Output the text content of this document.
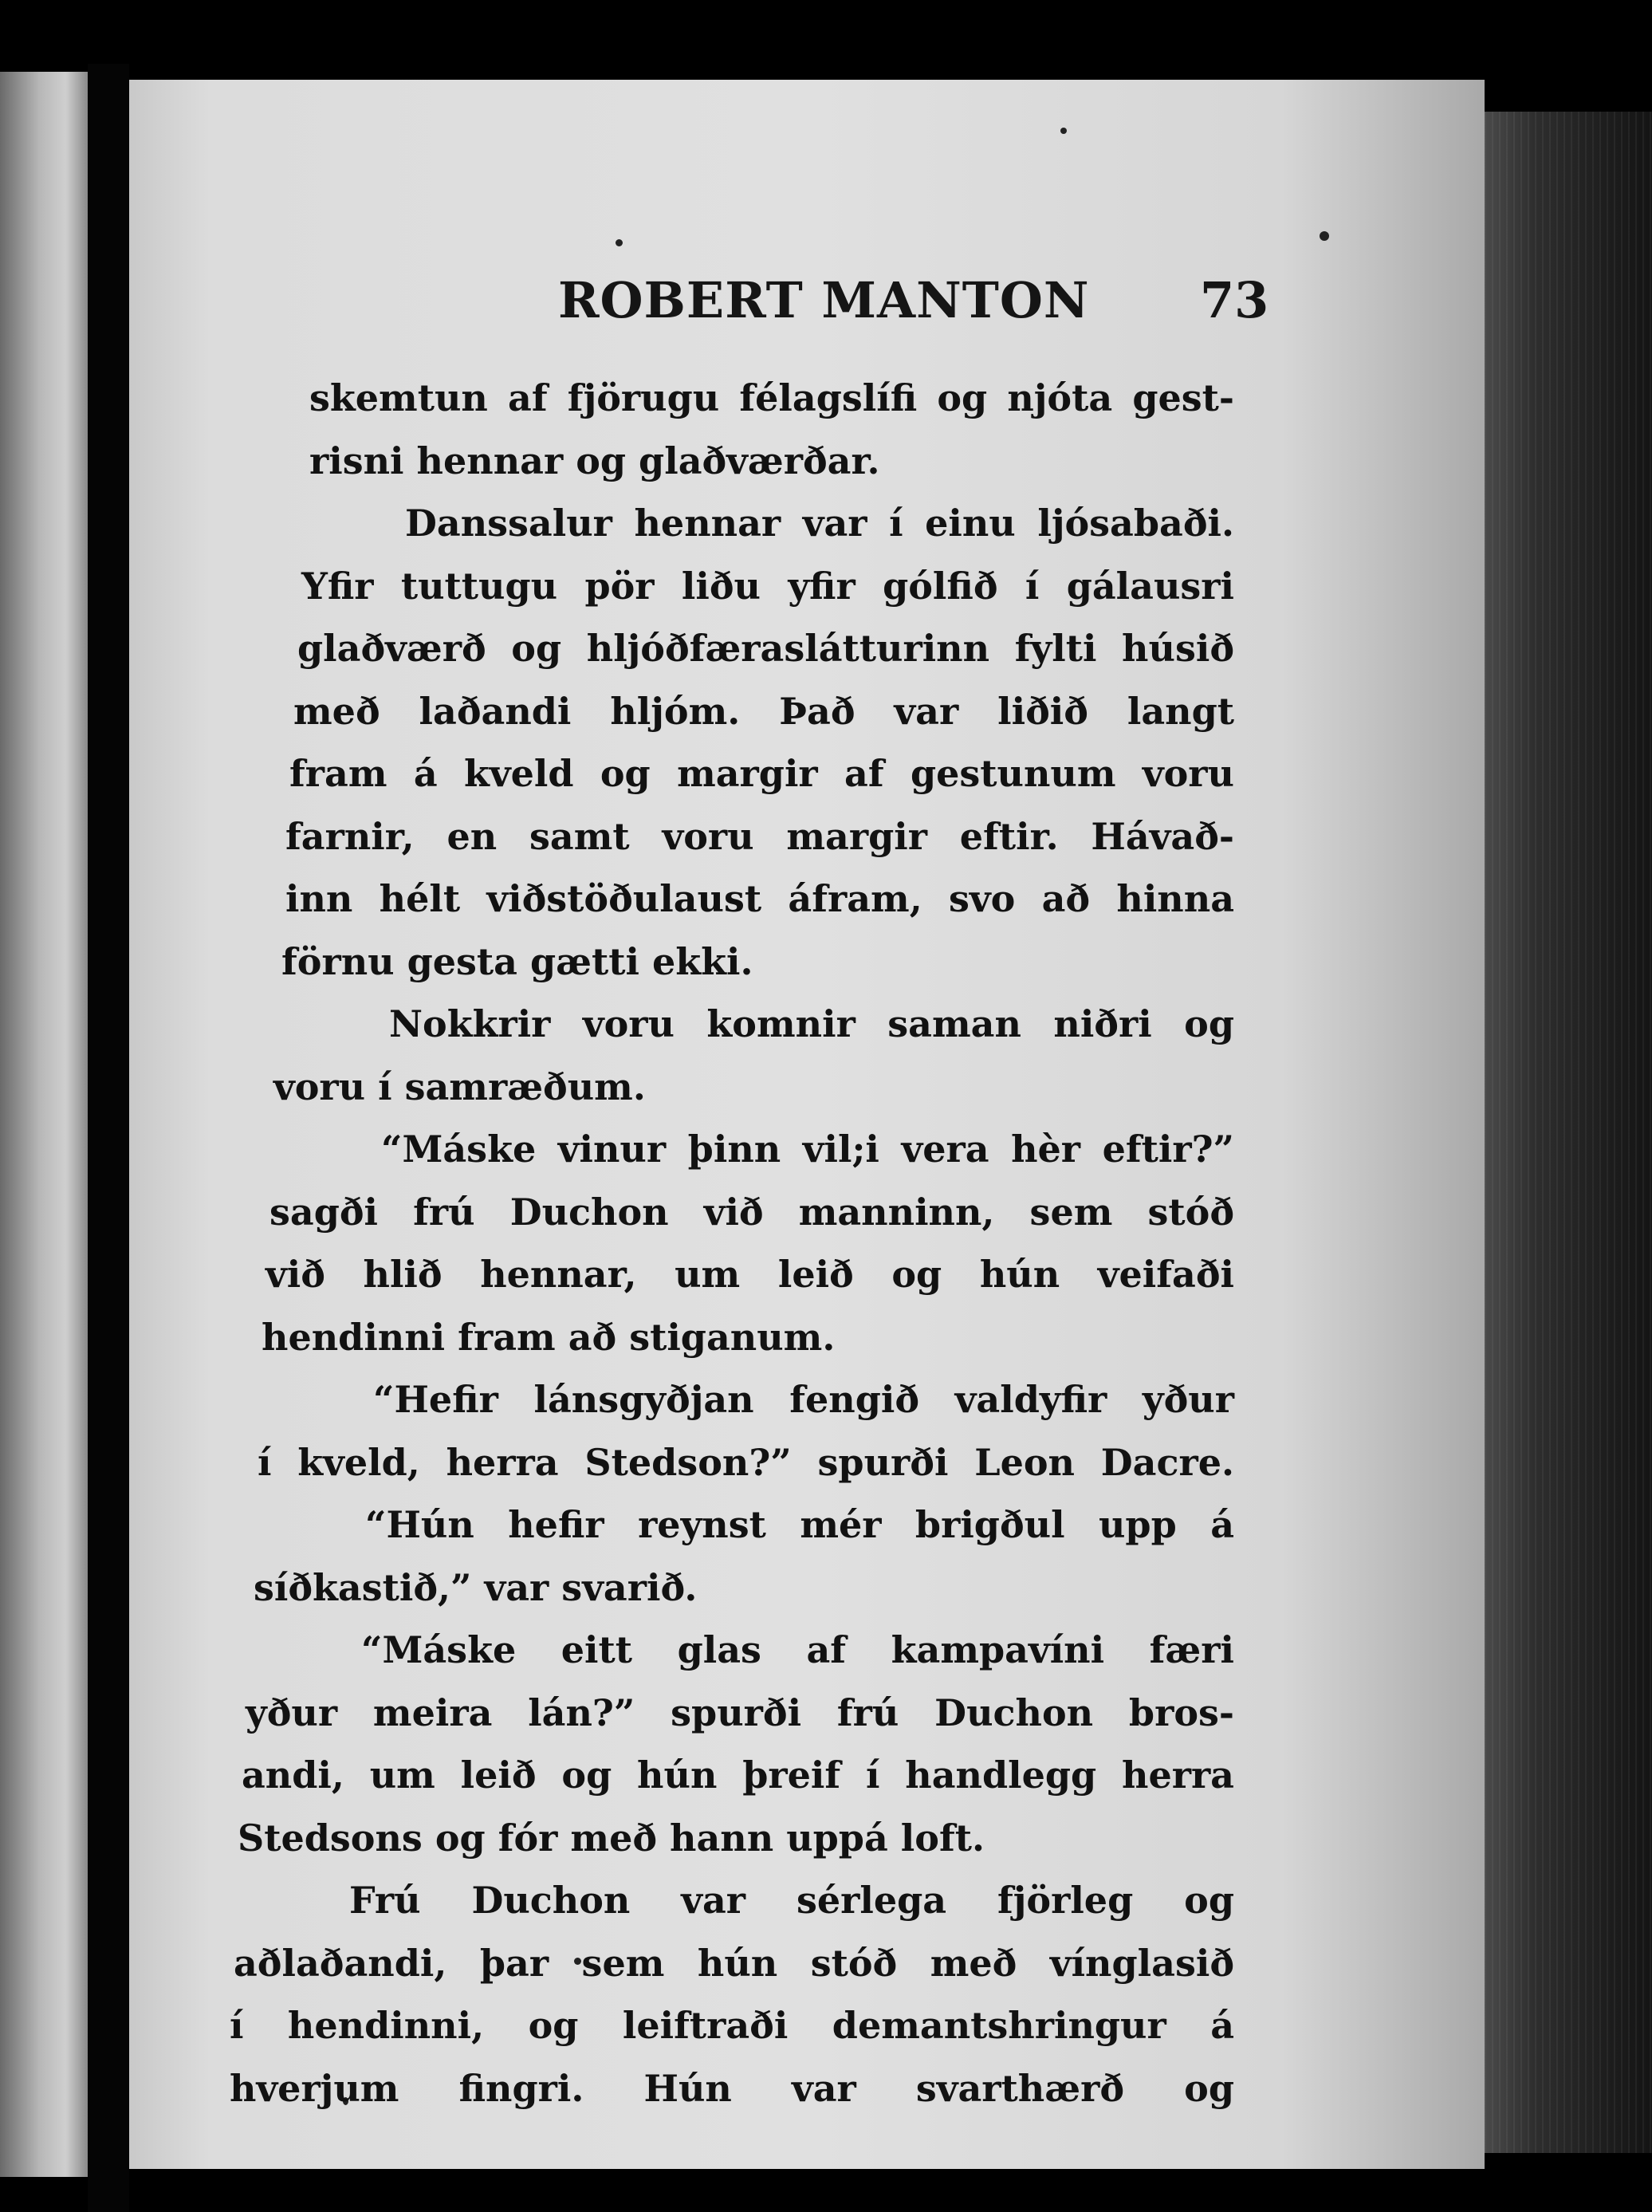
ROBERT MANTON 73
skemtun af fjörugu félagslífi og njóta gest-
risni hennar og glaðværðar.
Danssalur hennar var í einu ljósabaði.
Yfir tuttugu pör liðu yfir gólfið í gálausri
glaðværð og hljóðfæraslátturinn fylti húsið
með laðandi hljóm. Það var liðið langt
fram á kveld og margir af gestunum voru
farnir, en samt voru margir eftir. Hávað-
inn hélt viðstöðulaust áfram, svo að hinna
förnu gesta gætti ekki.
Nokkrir voru komnir saman niðri og
voru í samræðum.
“Máske vinur þinn vil;i vera hèr eftir?”
sagði frú Duchon við manninn, sem stóð
við hlið hennar, um leið og hún veifaði
hendinni fram að stiganum.
“Hefir lánsgyðjan fengið valdyfir yður
í kveld, herra Stedson?” spurði Leon Dacre.
“Hún hefir reynst mér brigðul upp á
síðkastið,” var svarið.
“Máske eitt glas af kampavíni færi
yður meira lán?” spurði frú Duchon bros-
andi, um leið og hún þreif í handlegg herra
Stedsons og fór með hann uppá loft.
Frú Duchon var sérlega fjörleg og
aðlaðandi, þar sem hún stóð með vínglasið
í hendinni, og leiftraði demantshringur á
hverjum fingri. Hún var svarthærð og
